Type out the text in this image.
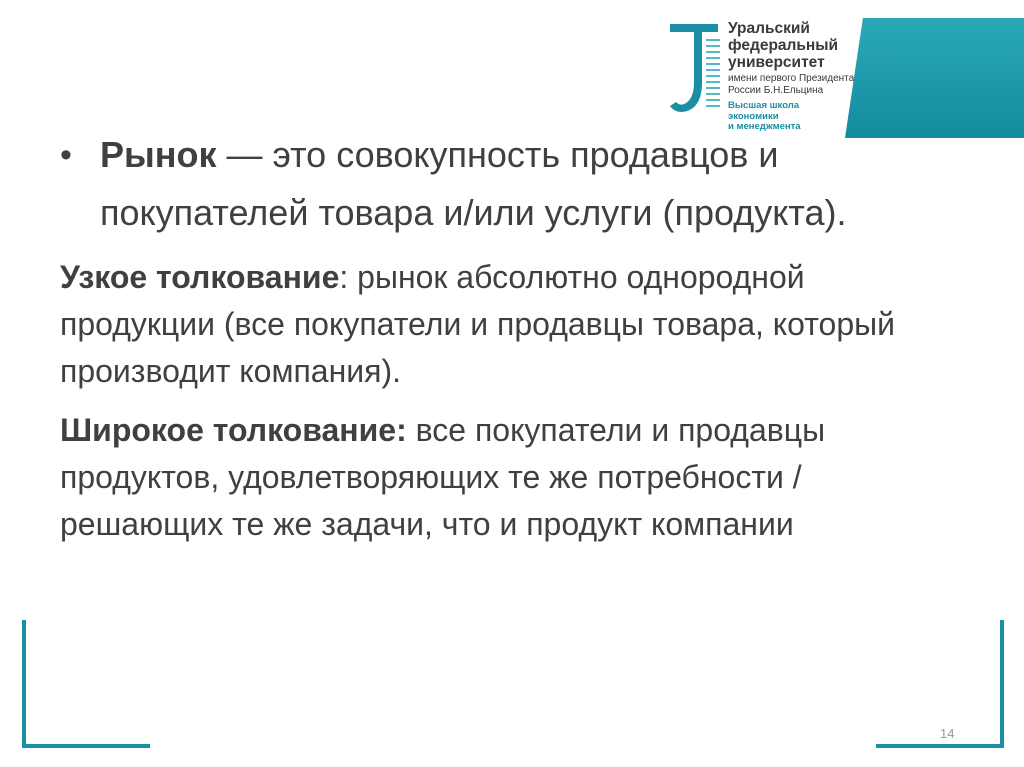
Уральский
федеральный
университет
имени первого Президента
России Б.Н.Ельцина
Высшая школа
экономики
и менеджмента
• Рынок — это совокупность продавцов и покупателей товара и/или услуги (продукта).

Узкое толкование: рынок абсолютно однородной продукции (все покупатели и продавцы товара, который производит компания).

Широкое толкование: все покупатели и продавцы продуктов, удовлетворяющих те же потребности / решающих те же задачи, что и продукт компании

14
